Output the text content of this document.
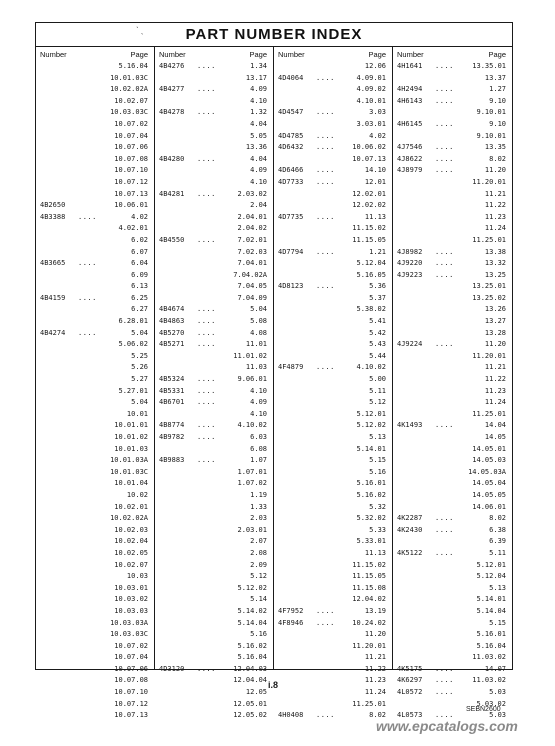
ˋ ˎ	PART NUMBER INDEX
Number	Page
5.16.04
10.01.03C
10.02.02A
10.02.07
10.03.03C
10.07.02
10.07.04
10.07.06
10.07.08
10.07.10
10.07.12
10.07.13
4B2650	10.06.01
4B3388 ....	4.02
4.02.01
6.02
6.07
4B3665 ....	6.04
6.09
6.13
4B4159 ....	6.25
6.27
6.28.01
4B4274 ....	5.04
5.06.02
5.25
5.26
5.27
5.27.01
5.04
10.01
10.01.01
10.01.02
10.01.03
10.01.03A
10.01.03C
10.01.04
10.02
10.02.01
10.02.02A
10.02.03
10.02.04
10.02.05
10.02.07
10.03
10.03.01
10.03.02
10.03.03
10.03.03A
10.03.03C
10.07.02
10.07.04
10.07.06
10.07.08
10.07.10
10.07.12
10.07.13
Number	Page
4B4276 ....	1.34
13.17
4B4277 ....	4.09
4.10
4B4278 ....	1.32
4.04
5.05
13.36
4B4280 ....	4.04
4.09
4.10
4B4281 ....	2.03.02
2.04
2.04.01
2.04.02
4B4550 ....	7.02.01
7.02.03
7.04.01
7.04.02A
7.04.05
7.04.09
4B4674 ....	5.04
4B4863 ....	5.08
4B5270 ....	4.08
4B5271 ....	11.01
11.01.02
11.03
4B5324 ....	9.06.01
4B5331 ....	4.10
4B6701 ....	4.09
4.10
4B8774 ....	4.10.02
4B9782 ....	6.03
6.08
4B9883 ....	1.07
1.07.01
1.07.02
1.19
1.33
2.03
2.03.01
2.07
2.08
2.09
5.12
5.12.02
5.14
5.14.02
5.14.04
5.16
5.16.02
5.16.04
4D3120 .... 12.04.03
12.04.04
12.05
12.05.01
12.05.02
Number	Page
12.06
4D4064 ....	4.09.01
4.09.02
4.10.01
4D4547 ....	3.03
3.03.01
4D4785 ....	4.02
4D6432 .... 10.06.02
10.07.13
4D6466 ....	14.10
4D7733 ....	12.01
12.02.01
12.02.02
4D7735 ....	11.13
11.15.02
11.15.05
4D7794 ....	1.21
5.12.04
5.16.05
4D8123 ....	5.36
5.37
5.38.02
5.41
5.42
5.43
5.44
4F4879 ....	4.10.02
5.00
5.11
5.12
5.12.01
5.12.02
5.13
5.14.01
5.15
5.16
5.16.01
5.16.02
5.32
5.32.02
5.33
5.33.01
11.13
11.15.02
11.15.05
11.15.08
12.04.02
4F7952 ....	13.19
4F8946 .... 10.24.02
11.20
11.20.01
11.21
11.22
11.23
11.24
11.25.01
4H0408 ....	8.02
Number	Page
4H1641 ....	13.35.01
13.37
4H2494 ....	1.27
4H6143 ....	9.10
9.10.01
4H6145 ....	9.10
9.10.01
4J7546 ....	13.35
4J8622 ....	8.02
4J8979 ....	11.20
11.20.01
11.21
11.22
11.23
11.24
11.25.01
4J8982 ....	13.38
4J9220 ....	13.32
4J9223 ....	13.25
13.25.01
13.25.02
13.26
13.27
13.28
4J9224 ....	11.20
11.20.01
11.21
11.22
11.23
11.24
11.25.01
4K1493 ....	14.04
14.05
14.05.01
14.05.03
14.05.03A
14.05.04
14.05.05
14.06.01
4K2287 ....	8.02
4K2430 ....	6.38
6.39
4K5122 ....	5.11
5.12.01
5.12.04
5.13
5.14.01
5.14.04
5.15
5.16.01
5.16.04
11.03.02
4K5175 ....	14.07
4K6297 ....	11.03.02
4L0572 ....	5.03
5.03.02
4L0573 ....	5.03
i.8
SEBN2600
www.epcatalogs.com
